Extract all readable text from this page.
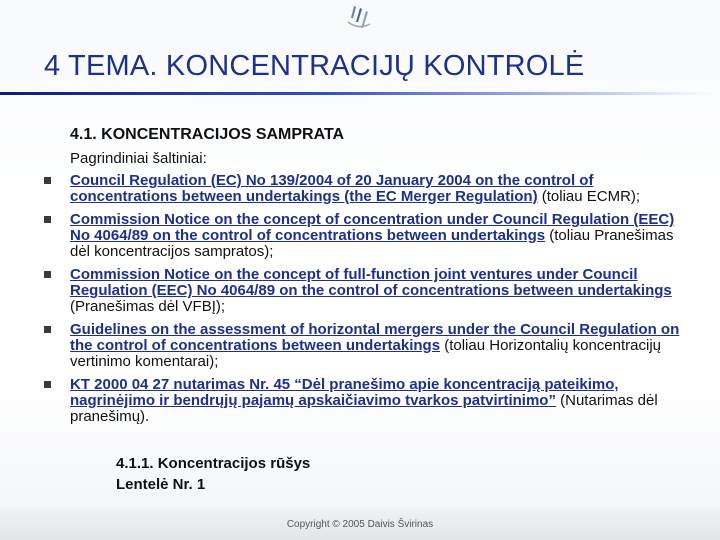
4 TEMA. KONCENTRACIJŲ KONTROLĖ
4.1. KONCENTRACIJOS SAMPRATA
Pagrindiniai šaltiniai:
Council Regulation (EC) No 139/2004 of 20 January 2004 on the control of concentrations between undertakings (the EC Merger Regulation) (toliau ECMR);
Commission Notice on the concept of concentration under Council Regulation (EEC) No 4064/89 on the control of concentrations between undertakings (toliau Pranešimas dėl koncentracijos sampratos);
Commission Notice on the concept of full-function joint ventures under Council Regulation (EEC) No 4064/89 on the control of concentrations between undertakings (Pranešimas dėl VFBĮ);
Guidelines on the assessment of horizontal mergers under the Council Regulation on the control of concentrations between undertakings (toliau Horizontalių koncentracijų vertinimo komentarai);
KT 2000 04 27 nutarimas Nr. 45 “Dėl pranešimo apie koncentraciją pateikimo, nagrinėjimo ir bendrųjų pajamų apskaičiavimo tvarkos patvirtinimo” (Nutarimas dėl pranešimų).
4.1.1. Koncentracijos rūšys
Lentelė Nr. 1
Copyright © 2005 Daivis Švirinas
